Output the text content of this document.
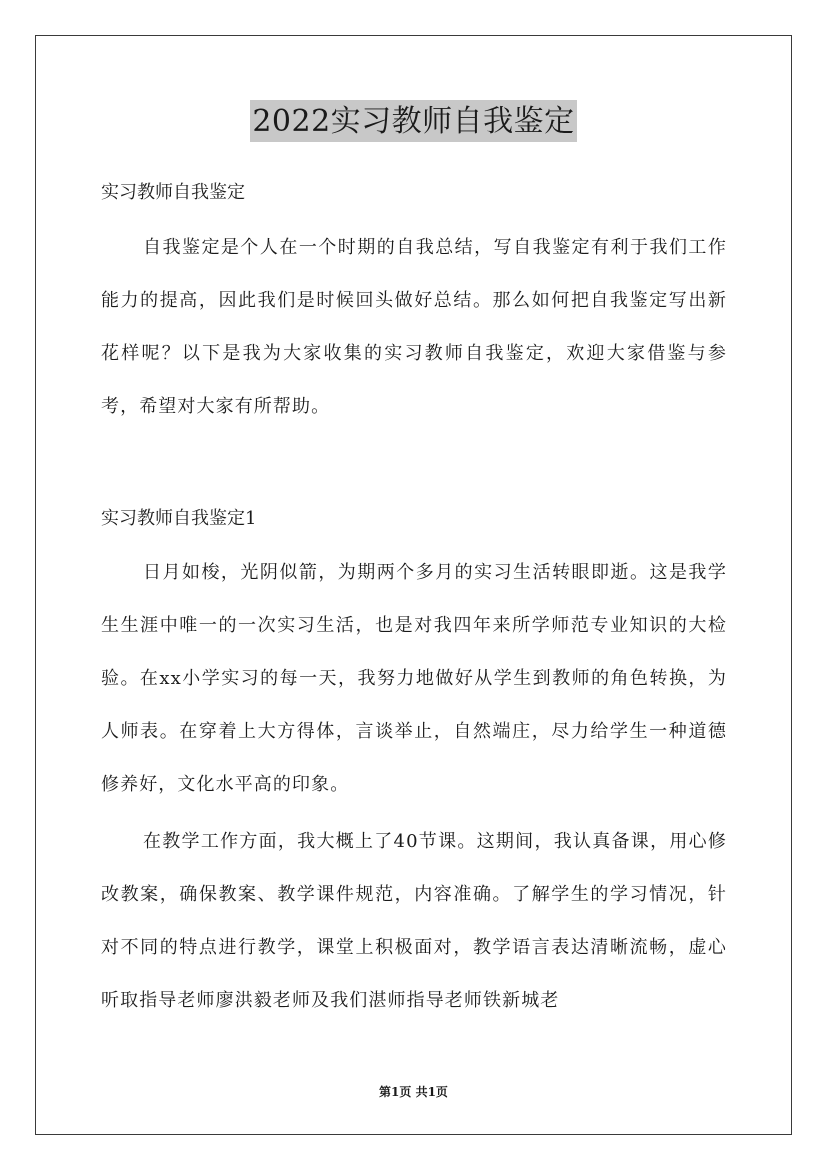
2022实习教师自我鉴定

实习教师自我鉴定

自我鉴定是个人在一个时期的自我总结，写自我鉴定有利于我们工作能力的提高，因此我们是时候回头做好总结。那么如何把自我鉴定写出新花样呢？以下是我为大家收集的实习教师自我鉴定，欢迎大家借鉴与参考，希望对大家有所帮助。

实习教师自我鉴定1

日月如梭，光阴似箭，为期两个多月的实习生活转眼即逝。这是我学生生涯中唯一的一次实习生活，也是对我四年来所学师范专业知识的大检验。在xx小学实习的每一天，我努力地做好从学生到教师的角色转换，为人师表。在穿着上大方得体，言谈举止，自然端庄，尽力给学生一种道德修养好，文化水平高的印象。

在教学工作方面，我大概上了40节课。这期间，我认真备课，用心修改教案，确保教案、教学课件规范，内容准确。了解学生的学习情况，针对不同的特点进行教学，课堂上积极面对，教学语言表达清晰流畅，虚心听取指导老师廖洪毅老师及我们湛师指导老师铁新城老

第1页 共1页
